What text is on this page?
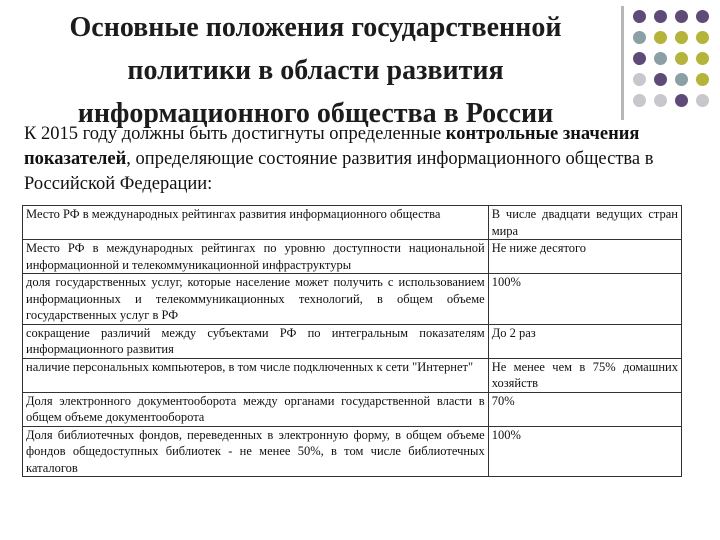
Основные положения государственной политики в области развития информационного общества в России
К 2015 году должны быть достигнуты определенные контрольные значения показателей, определяющие состояние развития информационного общества в Российской Федерации:
Место РФ в международных рейтингах развития информационного общества	В числе двадцати ведущих стран мира
Место РФ в международных рейтингах по уровню доступности национальной информационной и телекоммуникационной инфраструктуры	Не ниже десятого
доля государственных услуг, которые население может получить с использованием информационных и телекоммуникационных технологий, в общем объеме государственных услуг в РФ	100%
сокращение различий между субъектами РФ по интегральным показателям информационного развития	До 2 раз
наличие персональных компьютеров, в том числе подключенных к сети "Интернет"	Не менее чем в 75% домашних хозяйств
Доля электронного документооборота между органами государственной власти в общем объеме документооборота	70%
Доля библиотечных фондов, переведенных в электронную форму, в общем объеме фондов общедоступных библиотек - не менее 50%, в том числе библиотечных каталогов	100%
